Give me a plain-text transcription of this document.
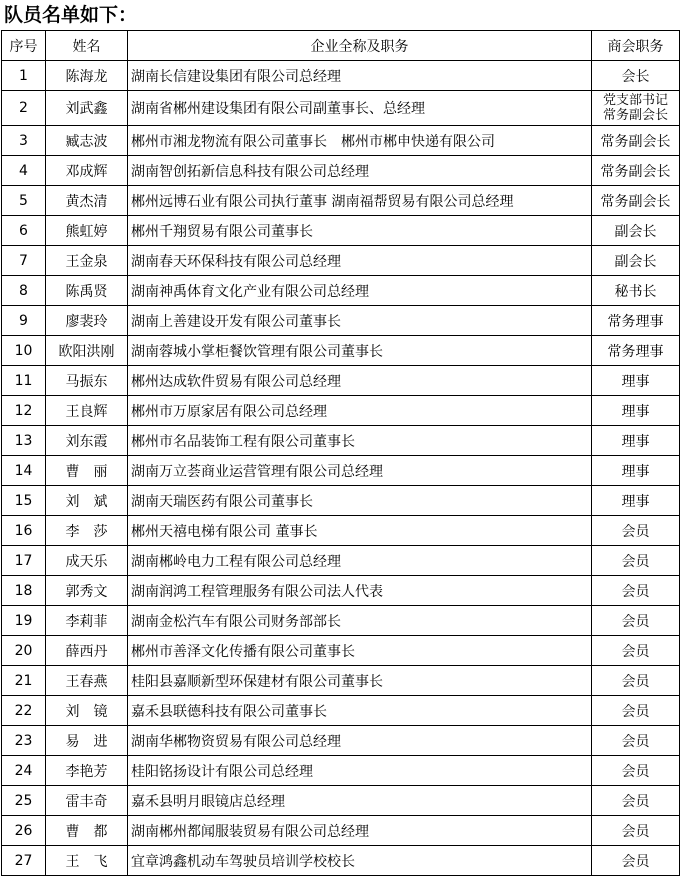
队员名单如下：
序号	姓名	企业全称及职务	商会职务
1	陈海龙	湖南长信建设集团有限公司总经理	会长
2	刘武鑫	湖南省郴州建设集团有限公司副董事长、总经理	党支部书记
常务副会长
3	臧志波	郴州市湘龙物流有限公司董事长　郴州市郴申快递有限公司	常务副会长
4	邓成辉	湖南智创拓新信息科技有限公司总经理	常务副会长
5	黄杰清	郴州远博石业有限公司执行董事 湖南福帮贸易有限公司总经理	常务副会长
6	熊虹婷	郴州千翔贸易有限公司董事长	副会长
7	王金泉	湖南春天环保科技有限公司总经理	副会长
8	陈禹贤	湖南神禹体育文化产业有限公司总经理	秘书长
9	廖裴玲	湖南上善建设开发有限公司董事长	常务理事
10	欧阳洪刚	湖南蓉城小掌柜餐饮管理有限公司董事长	常务理事
11	马振东	郴州达成软件贸易有限公司总经理	理事
12	王良辉	郴州市万原家居有限公司总经理	理事
13	刘东霞	郴州市名品装饰工程有限公司董事长	理事
14	曹　丽	湖南万立荟商业运营管理有限公司总经理	理事
15	刘　斌	湖南天瑞医药有限公司董事长	理事
16	李　莎	郴州天禧电梯有限公司 董事长	会员
17	成天乐	湖南郴岭电力工程有限公司总经理	会员
18	郭秀文	湖南润鸿工程管理服务有限公司法人代表	会员
19	李莉菲	湖南金松汽车有限公司财务部部长	会员
20	薛西丹	郴州市善泽文化传播有限公司董事长	会员
21	王春燕	桂阳县嘉顺新型环保建材有限公司董事长	会员
22	刘　镜	嘉禾县联德科技有限公司董事长	会员
23	易　进	湖南华郴物资贸易有限公司总经理	会员
24	李艳芳	桂阳铭扬设计有限公司总经理	会员
25	雷丰奇	嘉禾县明月眼镜店总经理	会员
26	曹　都	湖南郴州都闻服装贸易有限公司总经理	会员
27	王　飞	宜章鸿鑫机动车驾驶员培训学校校长	会员
